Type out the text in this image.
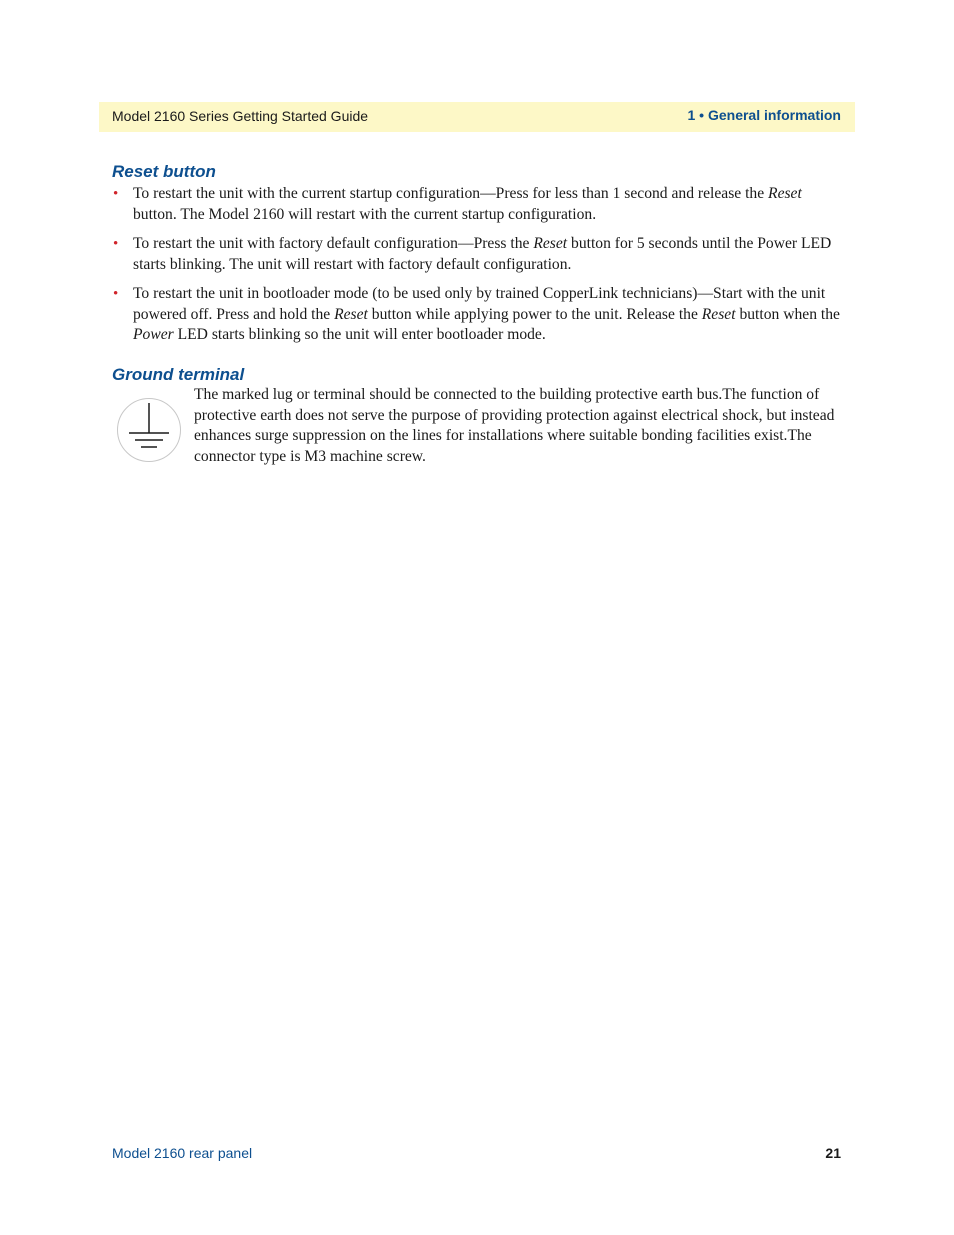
Model 2160 Series Getting Started Guide	1 • General information
Reset button
• To restart the unit with the current startup configuration—Press for less than 1 second and release the Reset button. The Model 2160 will restart with the current startup configuration.
• To restart the unit with factory default configuration—Press the Reset button for 5 seconds until the Power LED starts blinking. The unit will restart with factory default configuration.
• To restart the unit in bootloader mode (to be used only by trained CopperLink technicians)—Start with the unit powered off. Press and hold the Reset button while applying power to the unit. Release the Reset button when the Power LED starts blinking so the unit will enter bootloader mode.
Ground terminal

The marked lug or terminal should be connected to the building protective earth bus.The function of protective earth does not serve the purpose of providing protection against electrical shock, but instead enhances surge suppression on the lines for installations where suitable bonding facilities exist.The connector type is M3 machine screw.

Model 2160 rear panel	21
